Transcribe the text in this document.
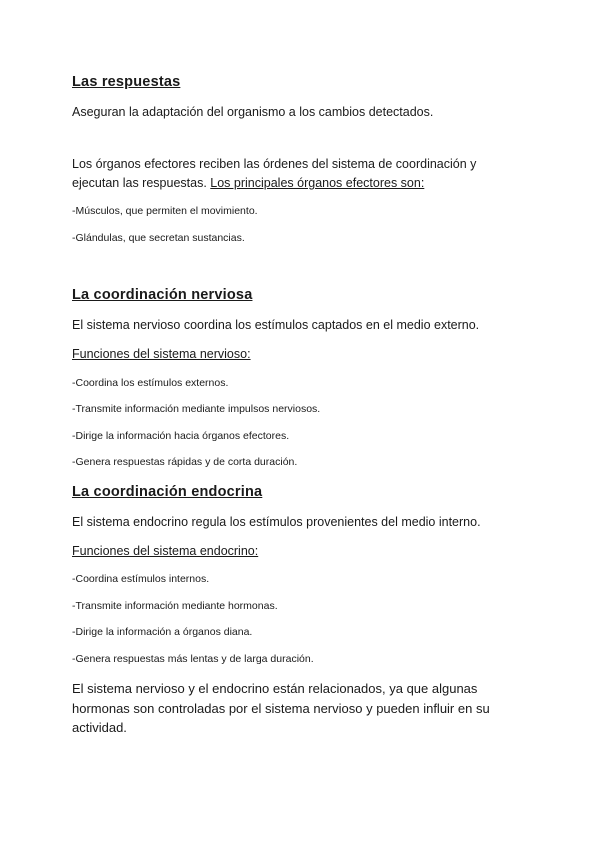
Las respuestas
Aseguran la adaptación del organismo a los cambios detectados.
Los órganos efectores reciben las órdenes del sistema de coordinación y
ejecutan las respuestas. Los principales órganos efectores son:
-Músculos, que permiten el movimiento.
-Glándulas, que secretan sustancias.
La coordinación nerviosa
El sistema nervioso coordina los estímulos captados en el medio externo.
Funciones del sistema nervioso:
-Coordina los estímulos externos.
-Transmite información mediante impulsos nerviosos.
-Dirige la información hacia órganos efectores.
-Genera respuestas rápidas y de corta duración.
La coordinación endocrina
El sistema endocrino regula los estímulos provenientes del medio interno.
Funciones del sistema endocrino:
-Coordina estímulos internos.
-Transmite información mediante hormonas.
-Dirige la información a órganos diana.
-Genera respuestas más lentas y de larga duración.
El sistema nervioso y el endocrino están relacionados, ya que algunas hormonas son controladas por el sistema nervioso y pueden influir en su actividad.
